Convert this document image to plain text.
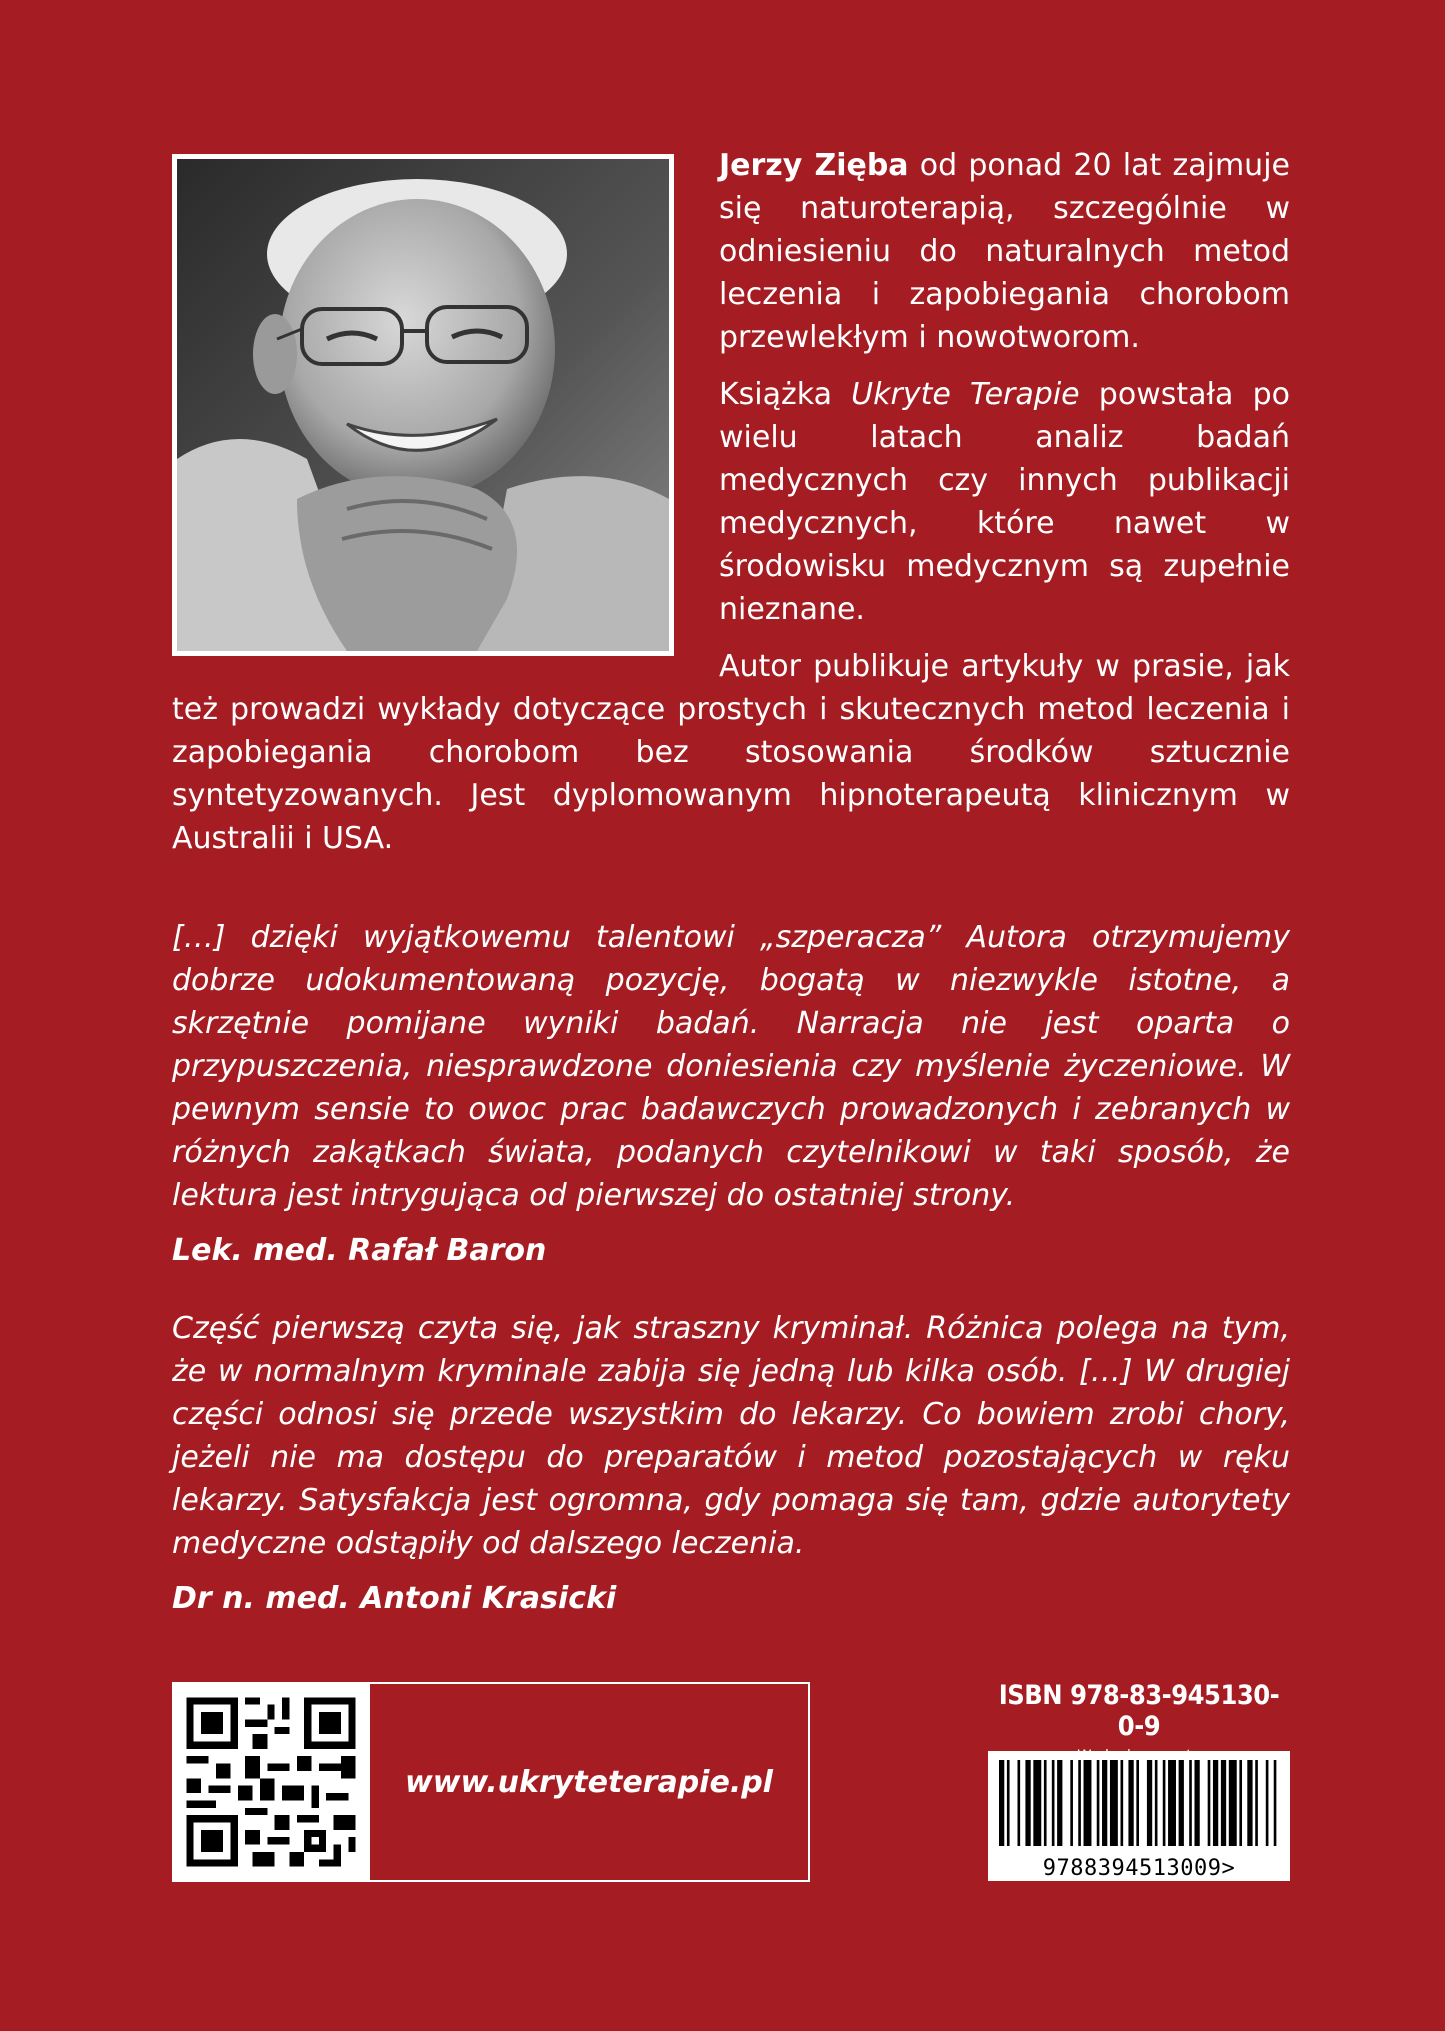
Jerzy Zięba od ponad 20 lat zajmuje się naturoterapią, szczególnie w odniesieniu do naturalnych metod leczenia i zapobiegania chorobom przewlekłym i nowotworom.

Książka Ukryte Terapie powstała po wielu latach analiz badań medycznych czy innych publikacji medycznych, które nawet w środowisku medycznym są zupełnie nieznane.

Autor publikuje artykuły w prasie, jak też prowadzi wykłady dotyczące prostych i skutecznych metod leczenia i zapobiegania chorobom bez stosowania środków sztucznie syntetyzowanych. Jest dyplomowanym hipnoterapeutą klinicznym w Australii i USA.

[…] dzięki wyjątkowemu talentowi „szperacza” Autora otrzymujemy dobrze udokumentowaną pozycję, bogatą w niezwykle istotne, a skrzętnie pomijane wyniki badań. Narracja nie jest oparta o przypuszczenia, niesprawdzone doniesienia czy myślenie życzeniowe. W pewnym sensie to owoc prac badawczych prowadzonych i zebranych w różnych zakątkach świata, podanych czytelnikowi w taki sposób, że lektura jest intrygująca od pierwszej do ostatniej strony.

Lek. med. Rafał Baron

Część pierwszą czyta się, jak straszny kryminał. Różnica polega na tym, że w normalnym kryminale zabija się jedną lub kilka osób. […] W drugiej części odnosi się przede wszystkim do lekarzy. Co bowiem zrobi chory, jeżeli nie ma dostępu do preparatów i metod pozostających w ręku lekarzy. Satysfakcja jest ogromna, gdy pomaga się tam, gdzie autorytety medyczne odstąpiły od dalszego leczenia.

Dr n. med. Antoni Krasicki

www.ukryteterapie.pl
ISBN 978-83-945130-0-9
9788394513009>
